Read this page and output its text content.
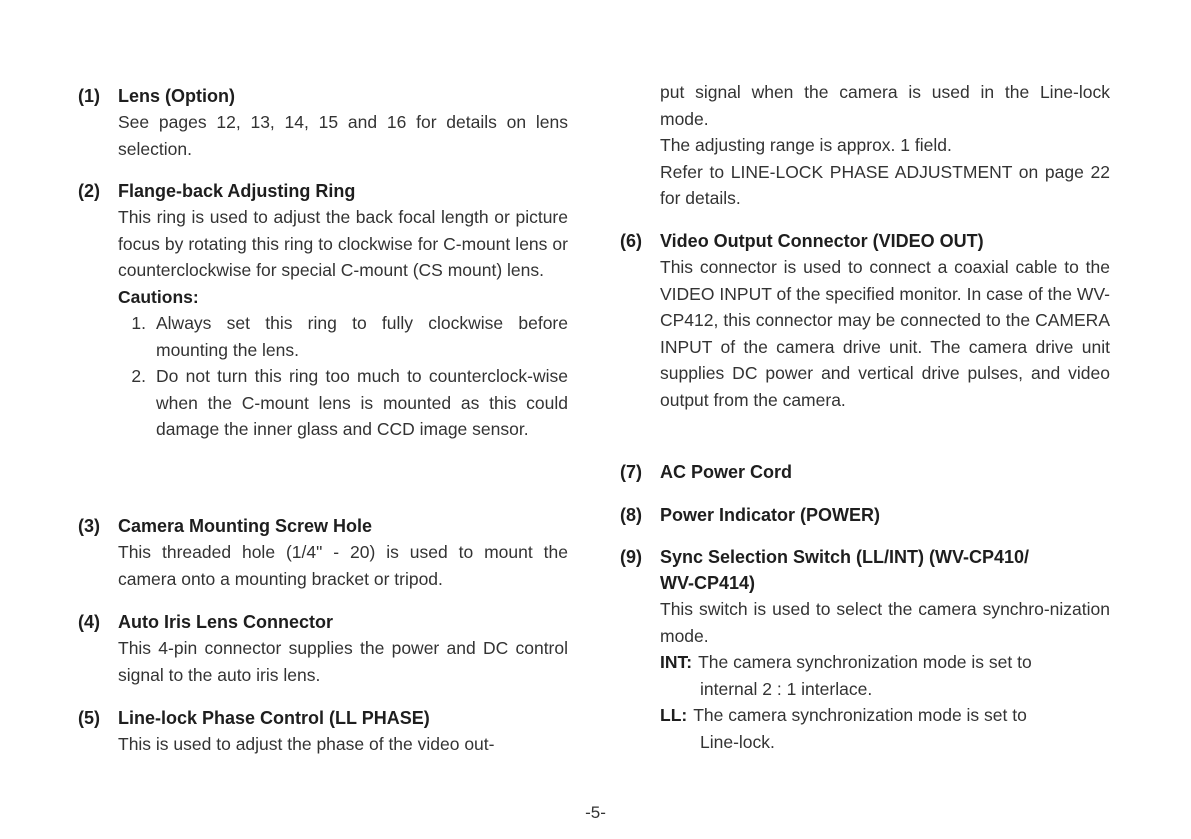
(1)	Lens (Option)

See pages 12, 13, 14, 15 and 16 for details on lens selection.

(2)	Flange-back Adjusting Ring

This ring is used to adjust the back focal length or picture focus by rotating this ring to clockwise for C-mount lens or counterclockwise for special C-mount (CS mount) lens.

Cautions:

1. Always set this ring to fully clockwise before mounting the lens.
2. Do not turn this ring too much to counterclock-wise when the C-mount lens is mounted as this could damage the inner glass and CCD image sensor.
(3)	Camera Mounting Screw Hole

This threaded hole (1/4" - 20) is used to mount the camera onto a mounting bracket or tripod.

(4)	Auto Iris Lens Connector

This 4-pin connector supplies the power and DC control signal to the auto iris lens.

(5)	Line-lock Phase Control (LL PHASE)

This is used to adjust the phase of the video out-

put signal when the camera is used in the Line-lock mode.

The adjusting range is approx. 1 field.

Refer to LINE-LOCK PHASE ADJUSTMENT on page 22 for details.

(6)	Video Output Connector (VIDEO OUT)

This connector is used to connect a coaxial cable to the VIDEO INPUT of the specified monitor. In case of the WV-CP412, this connector may be connected to the CAMERA INPUT of the camera drive unit. The camera drive unit supplies DC power and vertical drive pulses, and video output from the camera.

(7)	AC Power Cord
(8)	Power Indicator (POWER)
(9)	Sync Selection Switch (LL/INT) (WV-CP410/
WV-CP414)

This switch is used to select the camera synchro-nization mode.

INT: The camera synchronization mode is set to
internal 2 : 1 interlace.
LL: The camera synchronization mode is set to
Line-lock.
-5-
